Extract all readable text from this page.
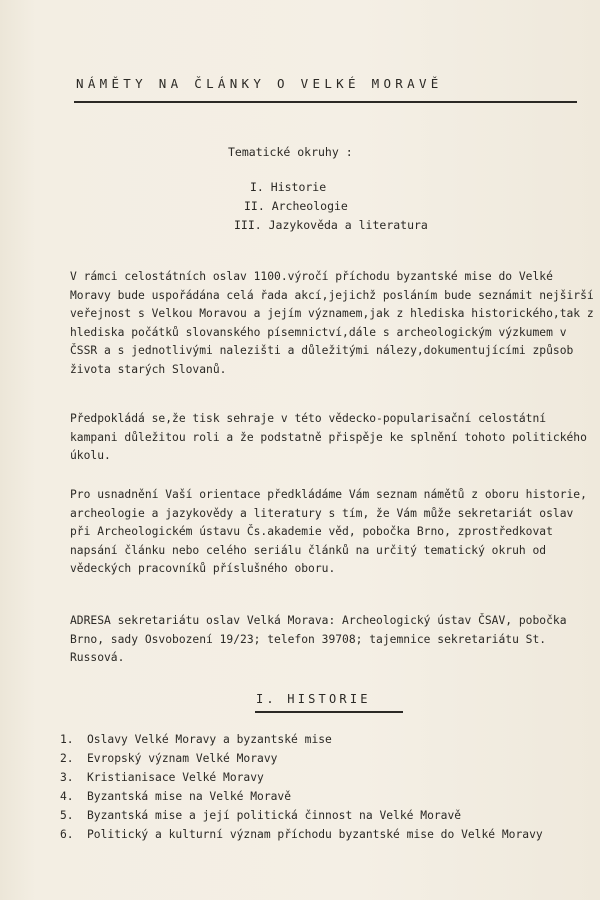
NÁMĚTY NA ČLÁNKY O VELKÉ MORAVĚ
Tematické okruhy :
I. Historie
II. Archeologie
III. Jazykověda a literatura

V rámci celostátních oslav 1100.výročí příchodu byzantské mise do Velké Moravy bude uspořádána celá řada akcí,jejichž posláním bude seznámit nejširší veřejnost s Velkou Moravou a jejím významem,jak z hlediska historického,tak z hlediska počátků slovanského písemnictví,dále s archeologickým výzkumem v ČSSR a s jednotlivými nalezišti a důležitými nálezy,dokumentujícími způsob života starých Slovanů.

Předpokládá se,že tisk sehraje v této vědecko-popularisační celostátní kampani důležitou roli a že podstatně přispěje ke splnění tohoto politického úkolu.

Pro usnadnění Vaší orientace předkládáme Vám seznam námětů z oboru historie, archeologie a jazykovědy a literatury s tím, že Vám může sekretariát oslav při Archeologickém ústavu Čs.akademie věd, pobočka Brno, zprostředkovat napsání článku nebo celého seriálu článků na určitý tematický okruh od vědeckých pracovníků příslušného oboru.

ADRESA sekretariátu oslav Velká Morava: Archeologický ústav ČSAV, pobočka Brno, sady Osvobození 19/23; telefon 39708; tajemnice sekretariátu St. Russová.

I. HISTORIE
1.	Oslavy Velké Moravy a byzantské mise
2.	Evropský význam Velké Moravy
3.	Kristianisace Velké Moravy
4.	Byzantská mise na Velké Moravě
5.	Byzantská mise a její politická činnost na Velké Moravě
6.	Politický a kulturní význam příchodu byzantské mise do Velké Moravy
